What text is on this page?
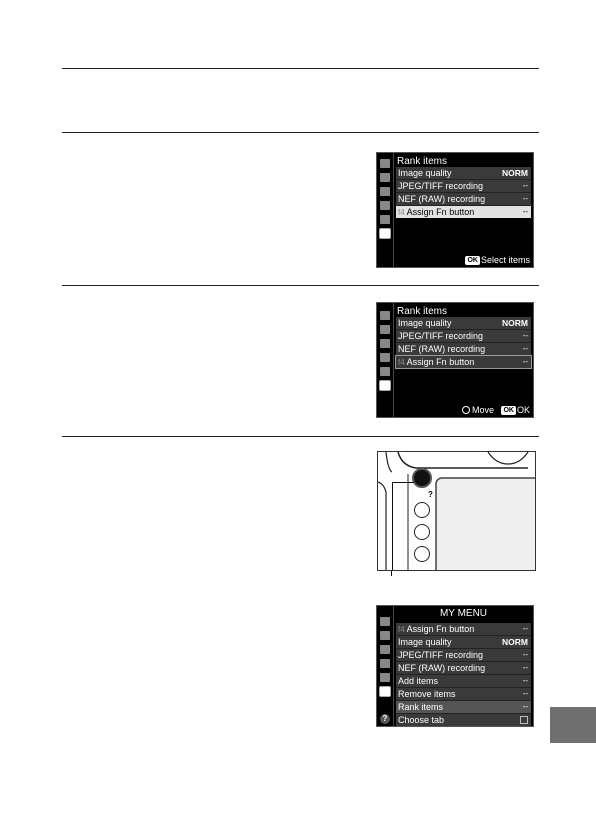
Rank items
Image quality	NORM
JPEG/TIFF recording	--
NEF (RAW) recording	--
f4 Assign Fn button	--
OK Select items
Rank items
Image quality	NORM
JPEG/TIFF recording	--
NEF (RAW) recording	--
f4 Assign Fn button	--
Move OK OK
?
?
MY MENU
f4 Assign Fn button	--
Image quality	NORM
JPEG/TIFF recording	--
NEF (RAW) recording	--
Add items	--
Remove items	--
Rank items	--
Choose tab
